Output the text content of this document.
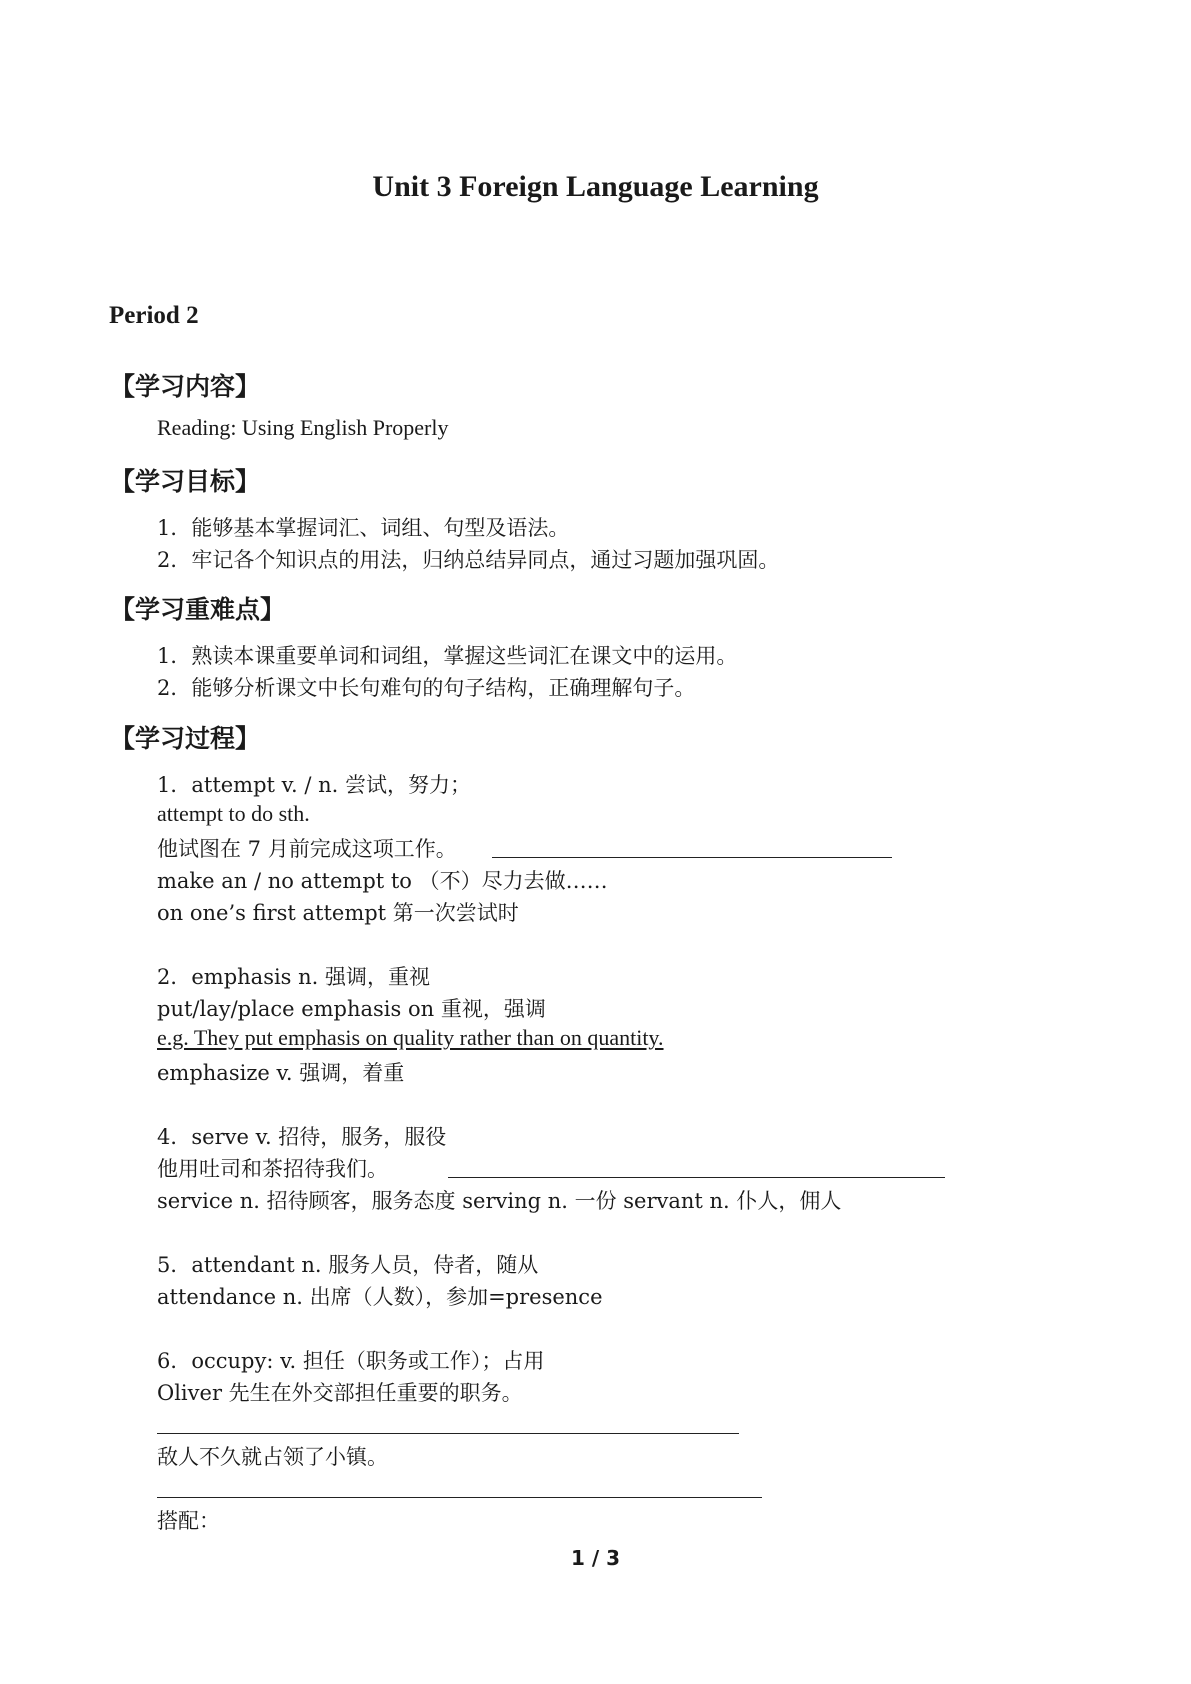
Unit 3 Foreign Language Learning
Period 2
【学习内容】
Reading: Using English Properly
【学习目标】
1．能够基本掌握词汇、词组、句型及语法。
2．牢记各个知识点的用法，归纳总结异同点，通过习题加强巩固。
【学习重难点】
1．熟读本课重要单词和词组，掌握这些词汇在课文中的运用。
2．能够分析课文中长句难句的句子结构，正确理解句子。
【学习过程】
1．attempt v. / n. 尝试，努力；
attempt to do sth.
他试图在 7 月前完成这项工作。
make an / no attempt to （不）尽力去做……
on one’s first attempt 第一次尝试时
2．emphasis n. 强调，重视
put/lay/place emphasis on 重视，强调
e.g. They put emphasis on quality rather than on quantity.
emphasize v. 强调，着重
4．serve v. 招待，服务，服役
他用吐司和茶招待我们。
service n. 招待顾客，服务态度 serving n. 一份 servant n. 仆人，佣人
5．attendant n. 服务人员，侍者，随从
attendance n. 出席（人数），参加=presence
6．occupy: v. 担任（职务或工作）；占用
Oliver 先生在外交部担任重要的职务。
敌人不久就占领了小镇。
搭配：
1 / 3
